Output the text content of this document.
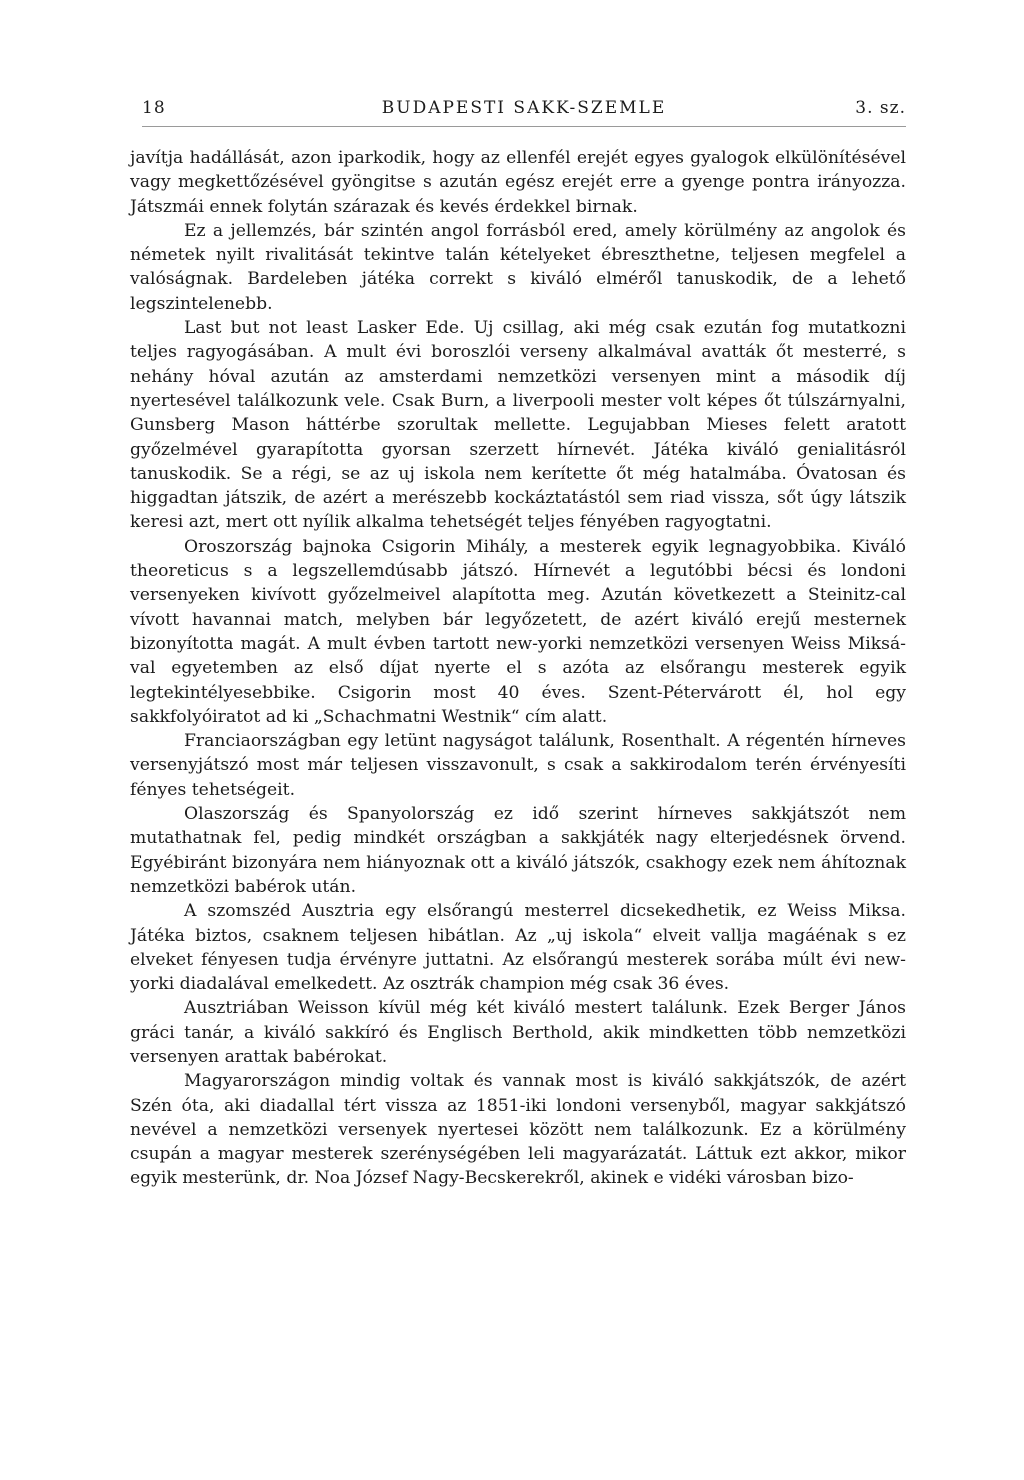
18	BUDAPESTI SAKK-SZEMLE	3. sz.

javítja hadállását, azon iparkodik, hogy az ellenfél erejét egyes gyalogok elkülönítésével vagy megkettőzésével gyöngitse s azután egész erejét erre a gyenge pontra irányozza. Játszmái ennek folytán szárazak és kevés érdekkel birnak.

Ez a jellemzés, bár szintén angol forrásból ered, amely körülmény az angolok és németek nyilt rivalitását tekintve talán kételyeket ébreszthetne, teljesen megfelel a valóságnak. Bardeleben játéka correkt s kiváló elméről tanuskodik, de a lehető legszintelenebb.

Last but not least Lasker Ede. Uj csillag, aki még csak ezután fog mutatkozni teljes ragyogásában. A mult évi boroszlói verseny alkalmával avatták őt mesterré, s nehány hóval azután az amsterdami nemzetközi versenyen mint a második díj nyertesével találkozunk vele. Csak Burn, a liverpooli mester volt képes őt túlszárnyalni, Gunsberg Mason háttérbe szorultak mellette. Legujabban Mieses felett aratott győzelmével gyarapította gyorsan szerzett hírnevét. Játéka kiváló genialitásról tanuskodik. Se a régi, se az uj iskola nem kerítette őt még hatalmába. Óvatosan és higgadtan játszik, de azért a merészebb kockáztatástól sem riad vissza, sőt úgy látszik keresi azt, mert ott nyílik alkalma tehetségét teljes fényében ragyogtatni.

Oroszország bajnoka Csigorin Mihály, a mesterek egyik legnagyobbika. Kiváló theoreticus s a legszellemdúsabb játszó. Hírnevét a legutóbbi bécsi és londoni versenyeken kivívott győzelmeivel alapította meg. Azután következett a Steinitz-cal vívott havannai match, melyben bár legyőzetett, de azért kiváló erejű mesternek bizonyította magát. A mult évben tartott new-yorki nemzetközi versenyen Weiss Miksá-val egyetemben az első díjat nyerte el s azóta az elsőrangu mesterek egyik legtekintélyesebbike. Csigorin most 40 éves. Szent-Pétervárott él, hol egy sakkfolyóiratot ad ki „Schachmatni Westnik“ cím alatt.

Franciaországban egy letünt nagyságot találunk, Rosenthalt. A régentén hírneves versenyjátszó most már teljesen visszavonult, s csak a sakkirodalom terén érvényesíti fényes tehetségeit.

Olaszország és Spanyolország ez idő szerint hírneves sakkjátszót nem mutathatnak fel, pedig mindkét országban a sakkjáték nagy elterjedésnek örvend. Egyébiránt bizonyára nem hiányoznak ott a kiváló játszók, csakhogy ezek nem áhítoznak nemzetközi babérok után.

A szomszéd Ausztria egy elsőrangú mesterrel dicsekedhetik, ez Weiss Miksa. Játéka biztos, csaknem teljesen hibátlan. Az „uj iskola“ elveit vallja magáénak s ez elveket fényesen tudja érvényre juttatni. Az elsőrangú mesterek sorába múlt évi new-yorki diadalával emelkedett. Az osztrák champion még csak 36 éves.

Ausztriában Weisson kívül még két kiváló mestert találunk. Ezek Berger János gráci tanár, a kiváló sakkíró és Englisch Berthold, akik mindketten több nemzetközi versenyen arattak babérokat.

Magyarországon mindig voltak és vannak most is kiváló sakkjátszók, de azért Szén óta, aki diadallal tért vissza az 1851-iki londoni versenyből, magyar sakkjátszó nevével a nemzetközi versenyek nyertesei között nem találkozunk. Ez a körülmény csupán a magyar mesterek szerénységében leli magyarázatát. Láttuk ezt akkor, mikor egyik mesterünk, dr. Noa József Nagy-Becskerekről, akinek e vidéki városban bizo-
